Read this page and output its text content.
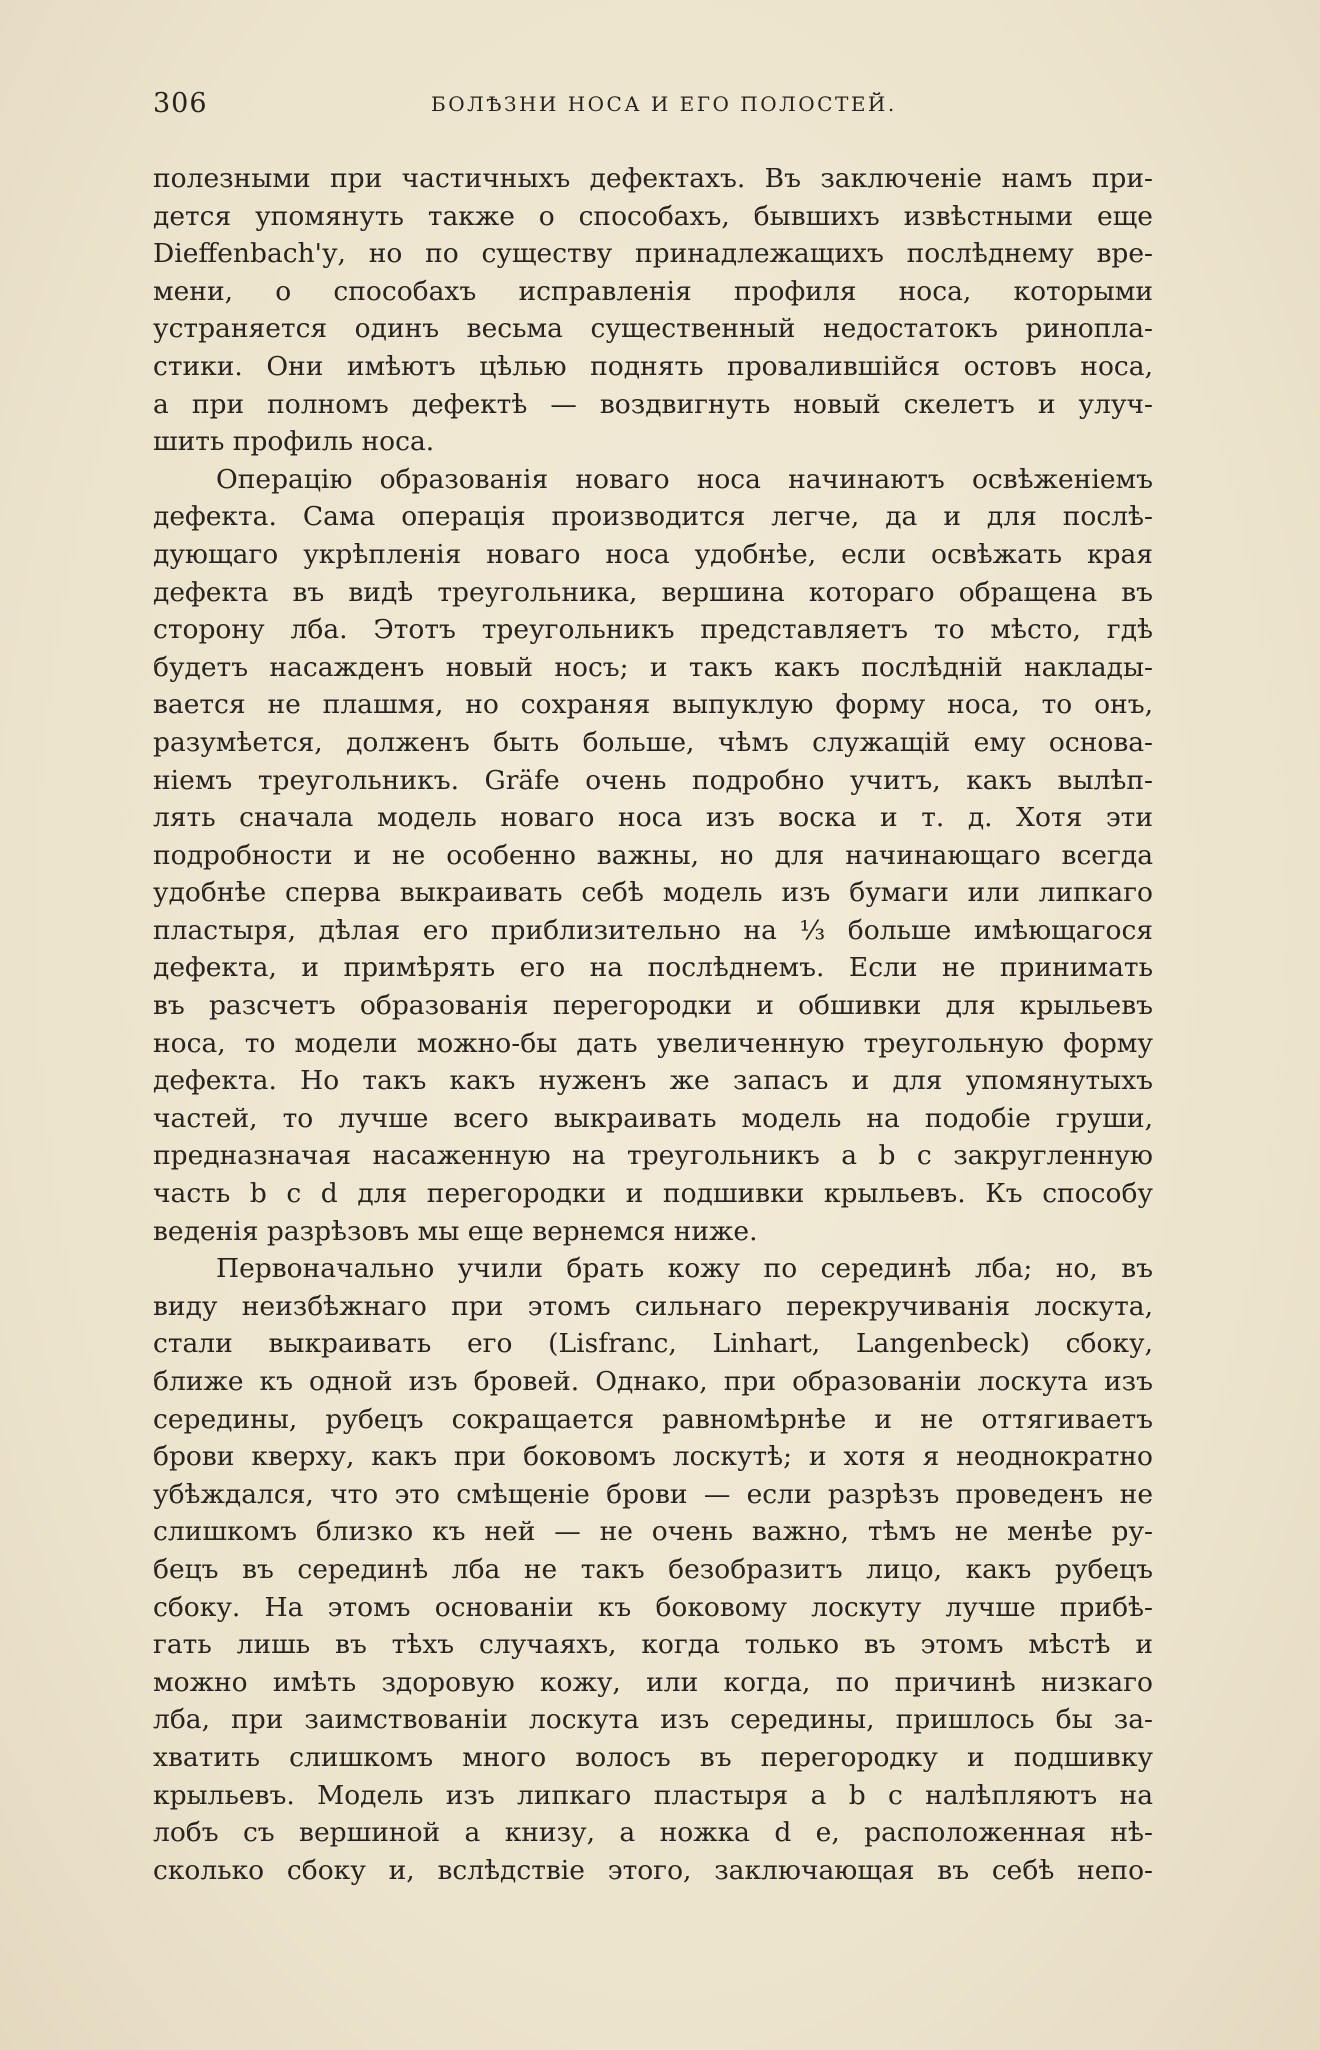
306	БОЛѢЗНИ НОСА И ЕГО ПОЛОСТЕЙ.
полезными при частичныхъ дефектахъ. Въ заключеніе намъ при-
дется упомянуть также о способахъ, бывшихъ извѣстными еще
Dieffenbach'у, но по существу принадлежащихъ послѣднему вре-
мени, о способахъ исправленія профиля носа, которыми
устраняется одинъ весьма существенный недостатокъ ринопла-
стики. Они имѣютъ цѣлью поднять провалившійся остовъ носа,
а при полномъ дефектѣ — воздвигнуть новый скелетъ и улуч-
шить профиль носа.
Операцію образованія новаго носа начинаютъ освѣженіемъ
дефекта. Сама операція производится легче, да и для послѣ-
дующаго укрѣпленія новаго носа удобнѣе, если освѣжать края
дефекта въ видѣ треугольника, вершина котораго обращена въ
сторону лба. Этотъ треугольникъ представляетъ то мѣсто, гдѣ
будетъ насажденъ новый носъ; и такъ какъ послѣдній наклады-
вается не плашмя, но сохраняя выпуклую форму носа, то онъ,
разумѣется, долженъ быть больше, чѣмъ служащій ему основа-
ніемъ треугольникъ. Gräfe очень подробно учитъ, какъ вылѣп-
лять сначала модель новаго носа изъ воска и т. д. Хотя эти
подробности и не особенно важны, но для начинающаго всегда
удобнѣе сперва выкраивать себѣ модель изъ бумаги или липкаго
пластыря, дѣлая его приблизительно на ⅓ больше имѣющагося
дефекта, и примѣрять его на послѣднемъ. Если не принимать
въ разсчетъ образованія перегородки и обшивки для крыльевъ
носа, то модели можно-бы дать увеличенную треугольную форму
дефекта. Но такъ какъ нуженъ же запасъ и для упомянутыхъ
частей, то лучше всего выкраивать модель на подобіе груши,
предназначая насаженную на треугольникъ a b с закругленную
часть b с d для перегородки и подшивки крыльевъ. Къ способу
веденія разрѣзовъ мы еще вернемся ниже.
Первоначально учили брать кожу по серединѣ лба; но, въ
виду неизбѣжнаго при этомъ сильнаго перекручиванія лоскута,
стали выкраивать его (Lisfranc, Linhart, Langenbeck) сбоку,
ближе къ одной изъ бровей. Однако, при образованіи лоскута изъ
середины, рубецъ сокращается равномѣрнѣе и не оттягиваетъ
брови кверху, какъ при боковомъ лоскутѣ; и хотя я неоднократно
убѣждался, что это смѣщеніе брови — если разрѣзъ проведенъ не
слишкомъ близко къ ней — не очень важно, тѣмъ не менѣе ру-
бецъ въ серединѣ лба не такъ безобразитъ лицо, какъ рубецъ
сбоку. На этомъ основаніи къ боковому лоскуту лучше прибѣ-
гать лишь въ тѣхъ случаяхъ, когда только въ этомъ мѣстѣ и
можно имѣть здоровую кожу, или когда, по причинѣ низкаго
лба, при заимствованіи лоскута изъ середины, пришлось бы за-
хватить слишкомъ много волосъ въ перегородку и подшивку
крыльевъ. Модель изъ липкаго пластыря a b с налѣпляютъ на
лобъ съ вершиной a книзу, а ножка d e, расположенная нѣ-
сколько сбоку и, вслѣдствіе этого, заключающая въ себѣ непо-
